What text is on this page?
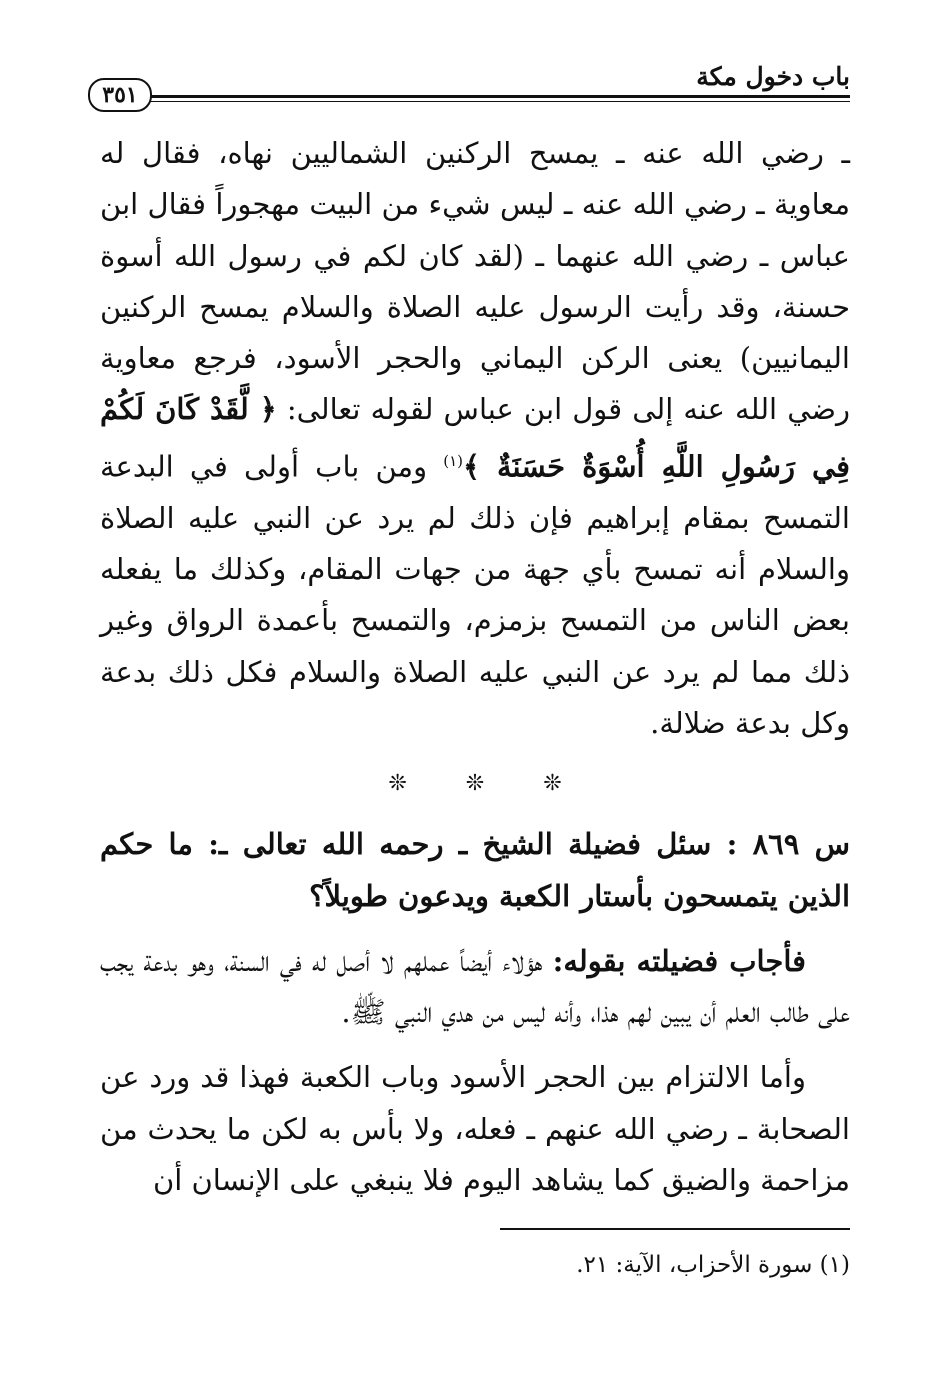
باب دخول مكة
٣٥١

ـ رضي الله عنه ـ يمسح الركنين الشماليين نهاه، فقال له معاوية ـ رضي الله عنه ـ ليس شيء من البيت مهجوراً فقال ابن عباس ـ رضي الله عنهما ـ (لقد كان لكم في رسول الله أسوة حسنة، وقد رأيت الرسول عليه الصلاة والسلام يمسح الركنين اليمانيين) يعنى الركن اليماني والحجر الأسود، فرجع معاوية رضي الله عنه إلى قول ابن عباس لقوله تعالى: ﴿ لَّقَدْ كَانَ لَكُمْ فِي رَسُولِ اللَّهِ أُسْوَةٌ حَسَنَةٌ ﴾$^{(١)}$ ومن باب أولى في البدعة التمسح بمقام إبراهيم فإن ذلك لم يرد عن النبي عليه الصلاة والسلام أنه تمسح بأي جهة من جهات المقام، وكذلك ما يفعله بعض الناس من التمسح بزمزم، والتمسح بأعمدة الرواق وغير ذلك مما لم يرد عن النبي عليه الصلاة والسلام فكل ذلك بدعة وكل بدعة ضلالة.

❊	❊	❊

س ٨٦٩ : سئل فضيلة الشيخ ـ رحمه الله تعالى ـ: ما حكم الذين يتمسحون بأستار الكعبة ويدعون طويلاً؟

فأجاب فضيلته بقوله: هؤلاء أيضاً عملهم لا أصل له في السنة، وهو بدعة يجب على طالب العلم أن يبين لهم هذا، وأنه ليس من هدي النبي ﷺ.

وأما الالتزام بين الحجر الأسود وباب الكعبة فهذا قد ورد عن الصحابة ـ رضي الله عنهم ـ فعله، ولا بأس به لكن ما يحدث من مزاحمة والضيق كما يشاهد اليوم فلا ينبغي على الإنسان أن

(١) سورة الأحزاب، الآية: ٢١.
